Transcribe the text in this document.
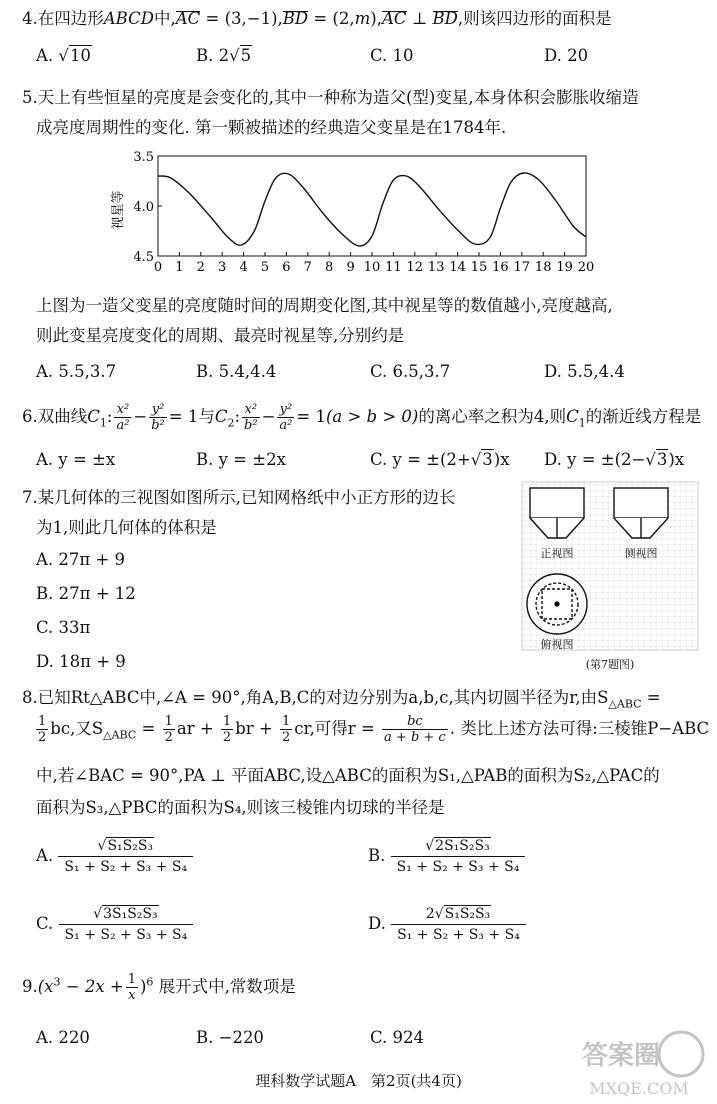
4.在四边形ABCD中,AC = (3,−1),BD = (2,m),AC ⊥ BD,则该四边形的面积是
A. √10	B. 2√5	C. 10	D. 20
5.天上有些恒星的亮度是会变化的,其中一种称为造父(型)变星,本身体积会膨胀收缩造
成亮度周期性的变化. 第一颗被描述的经典造父变星是在1784年.
0 1 2 3 4 5 6 7 8 9 10 11 12 13 14 15 16 17 18 19 20
3.5
4.0
4.5
视星等
上图为一造父变星的亮度随时间的周期变化图,其中视星等的数值越小,亮度越高,
则此变星亮度变化的周期、最亮时视星等,分别约是
A. 5.5,3.7	B. 5.4,4.4	C. 6.5,3.7	D. 5.5,4.4
6.双曲线$C_1$: $\frac{\text{x²}}{\text{a²}} - \frac{\text{y²}}{\text{b²}} = 1$与$C_2$: $\frac{\text{x²}}{\text{b²}} - \frac{\text{y²}}{\text{a²}} = 1(a > b > 0)$的离心率之积为4,则$C_1$的渐近线方程是
A. y = ±x	B. y = ±2x	C. y = ±(2+√3)x D. y = ±(2−√3)x
7.某几何体的三视图如图所示,已知网格纸中小正方形的边长
为1,则此几何体的体积是
A. 27π + 9
B. 27π + 12
C. 33π
D. 18π + 9
正视图	侧视图
俯视图
(第7题图)
8.已知Rt△ABC中,∠A = 90°,角A,B,C的对边分别为a,b,c,其内切圆半径为r,由$S_{\triangle ABC}$ =
$\frac{1}{2}$ bc,又$S_{\triangle ABC} = \frac{1}{2}$ ar + $\frac{1}{2}$ br + $\frac{1}{2}$ cr,可得$r = \frac{bc}{a + b + c}$ . 类比上述方法可得:三棱锥P−ABC
中,若∠BAC = 90°,PA ⊥ 平面ABC,设△ABC的面积为S₁,△PAB的面积为S₂,△PAC的
面积为S₃,△PBC的面积为S₄,则该三棱锥内切球的半径是
A. $\frac{\text{√S₁S₂S₃}}{\text{S₁ + S₂ + S₃ + S₄}}$	B. $\frac{\text{√2S₁S₂S₃}}{\text{S₁ + S₂ + S₃ + S₄}}$
C. $\frac{\text{√3S₁S₂S₃}}{\text{S₁ + S₂ + S₃ + S₄}}$	D. $\frac{\text{2√S₁S₂S₃}}{\text{S₁ + S₂ + S₃ + S₄}}$
$9.(x^3 - 2x + \frac{1}{x} )^6$ 展开式中,常数项是
A. 220	B. −220	C. 924
答案圈
MXQE.COM
理科数学试题A　第2页(共4页)
